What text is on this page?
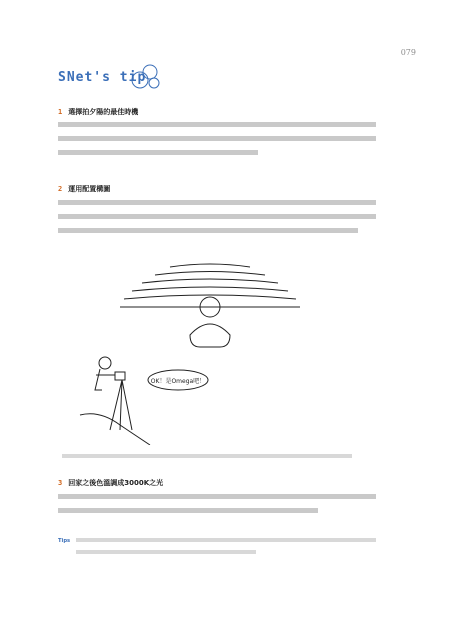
079
SNet's tip
1 選擇拍夕陽的最佳時機
2 運用配置構圖
OK！是Omega吧！
3 回家之後色溫調成3000K之光
Tips
